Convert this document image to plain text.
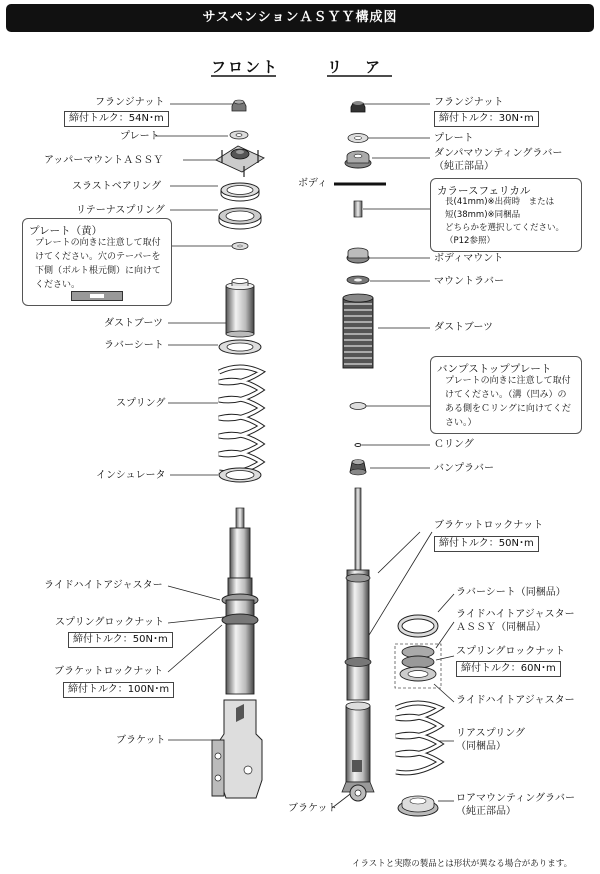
サスペンションＡＳＹＹ構成図
フロント	リ　ア
フランジナット
締付トルク：54N･m
プレート
アッパーマウントＡＳＳＹ
スラストベアリング
リテーナスプリング
プレート（黄）
プレートの向きに注意して取付
けてください。穴のテーパーを
下側（ボルト根元側）に向けて
ください。
ダストブーツ
ラバーシート
スプリング
インシュレータ
ライドハイトアジャスター
スプリングロックナット
締付トルク：50N･m
ブラケットロックナット
締付トルク：100N･m
ブラケット
フランジナット
締付トルク：30N･m
プレート
ダンパマウンティングラバー
（純正部品）
ボディ
カラースフェリカル
長(41mm)※出荷時　または
短(38mm)※同梱品
どちらかを選択してください。
（P12参照）
ボディマウント
マウントラバー
ダストブーツ
バンプストッププレート
プレートの向きに注意して取付
けてください。（溝（凹み）の
ある側をＣリングに向けてくだ
さい。）
Ｃリング
バンプラバー
ブラケットロックナット
締付トルク：50N･m
ラバーシート（同梱品）
ライドハイトアジャスター
ＡＳＳＹ（同梱品）
スプリングロックナット
締付トルク：60N･m
ライドハイトアジャスター
リアスプリング
（同梱品）
ブラケット
ロアマウンティングラバー
（純正部品）
イラストと実際の製品とは形状が異なる場合があります。
